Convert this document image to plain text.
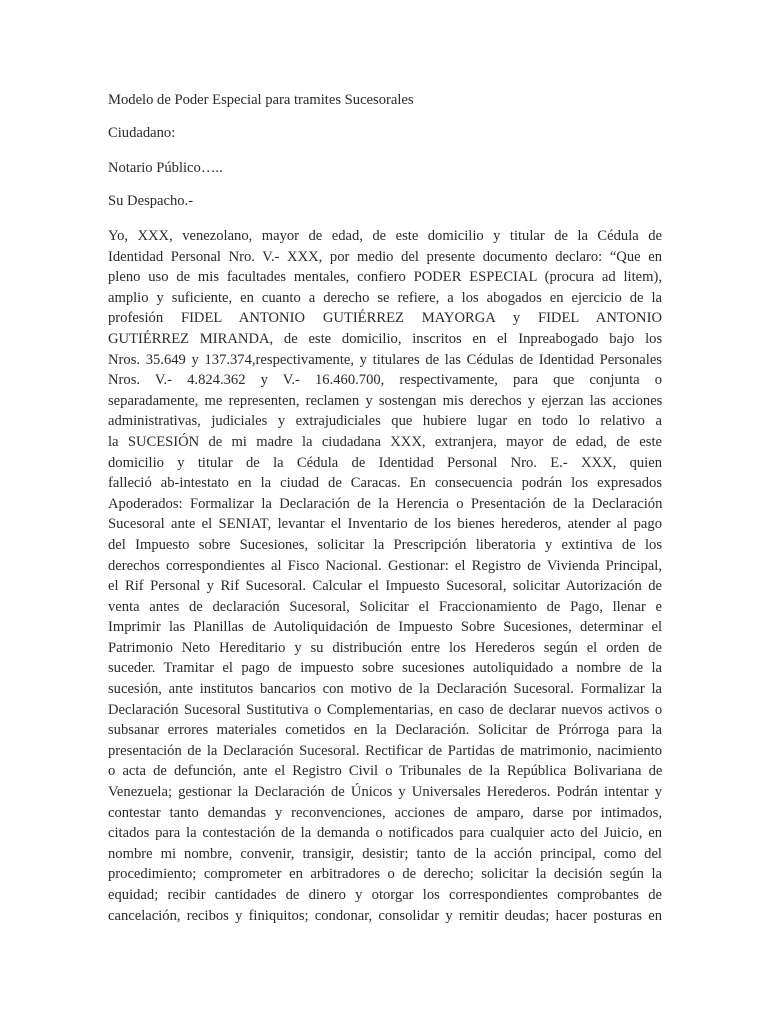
Modelo de Poder Especial para tramites Sucesorales

Ciudadano:

Notario Público…..

Su Despacho.-

Yo, XXX, venezolano, mayor de edad, de este domicilio y titular de la Cédula de
Identidad Personal Nro. V.- XXX, por medio del presente documento declaro: “Que en
pleno uso de mis facultades mentales, confiero PODER ESPECIAL (procura ad litem),
amplio y suficiente, en cuanto a derecho se refiere, a los abogados en ejercicio de la
profesión FIDEL ANTONIO GUTIÉRREZ MAYORGA y FIDEL ANTONIO
GUTIÉRREZ MIRANDA, de este domicilio, inscritos en el Inpreabogado bajo los
Nros. 35.649 y 137.374,respectivamente, y titulares de las Cédulas de Identidad Personales
Nros. V.- 4.824.362 y V.- 16.460.700, respectivamente, para que conjunta o
separadamente, me representen, reclamen y sostengan mis derechos y ejerzan las acciones
administrativas, judiciales y extrajudiciales que hubiere lugar en todo lo relativo a
la SUCESIÓN de mi madre la ciudadana XXX, extranjera, mayor de edad, de este
domicilio y titular de la Cédula de Identidad Personal Nro. E.- XXX, quien
falleció ab-intestato en la ciudad de Caracas. En consecuencia podrán los expresados
Apoderados: Formalizar la Declaración de la Herencia o Presentación de la Declaración
Sucesoral ante el SENIAT, levantar el Inventario de los bienes herederos, atender al pago
del Impuesto sobre Sucesiones, solicitar la Prescripción liberatoria y extintiva de los
derechos correspondientes al Fisco Nacional. Gestionar: el Registro de Vivienda Principal,
el Rif Personal y Rif Sucesoral. Calcular el Impuesto Sucesoral, solicitar Autorización de
venta antes de declaración Sucesoral, Solicitar el Fraccionamiento de Pago, llenar e
Imprimir las Planillas de Autoliquidación de Impuesto Sobre Sucesiones, determinar el
Patrimonio Neto Hereditario y su distribución entre los Herederos según el orden de
suceder. Tramitar el pago de impuesto sobre sucesiones autoliquidado a nombre de la
sucesión, ante institutos bancarios con motivo de la Declaración Sucesoral. Formalizar la
Declaración Sucesoral Sustitutiva o Complementarias, en caso de declarar nuevos activos o
subsanar errores materiales cometidos en la Declaración. Solicitar de Prórroga para la
presentación de la Declaración Sucesoral. Rectificar de Partidas de matrimonio, nacimiento
o acta de defunción, ante el Registro Civil o Tribunales de la República Bolivariana de
Venezuela; gestionar la Declaración de Únicos y Universales Herederos. Podrán intentar y
contestar tanto demandas y reconvenciones, acciones de amparo, darse por intimados,
citados para la contestación de la demanda o notificados para cualquier acto del Juicio, en
nombre mi nombre, convenir, transigir, desistir; tanto de la acción principal, como del
procedimiento; comprometer en arbitradores o de derecho; solicitar la decisión según la
equidad; recibir cantidades de dinero y otorgar los correspondientes comprobantes de
cancelación, recibos y finiquitos; condonar, consolidar y remitir deudas; hacer posturas en
